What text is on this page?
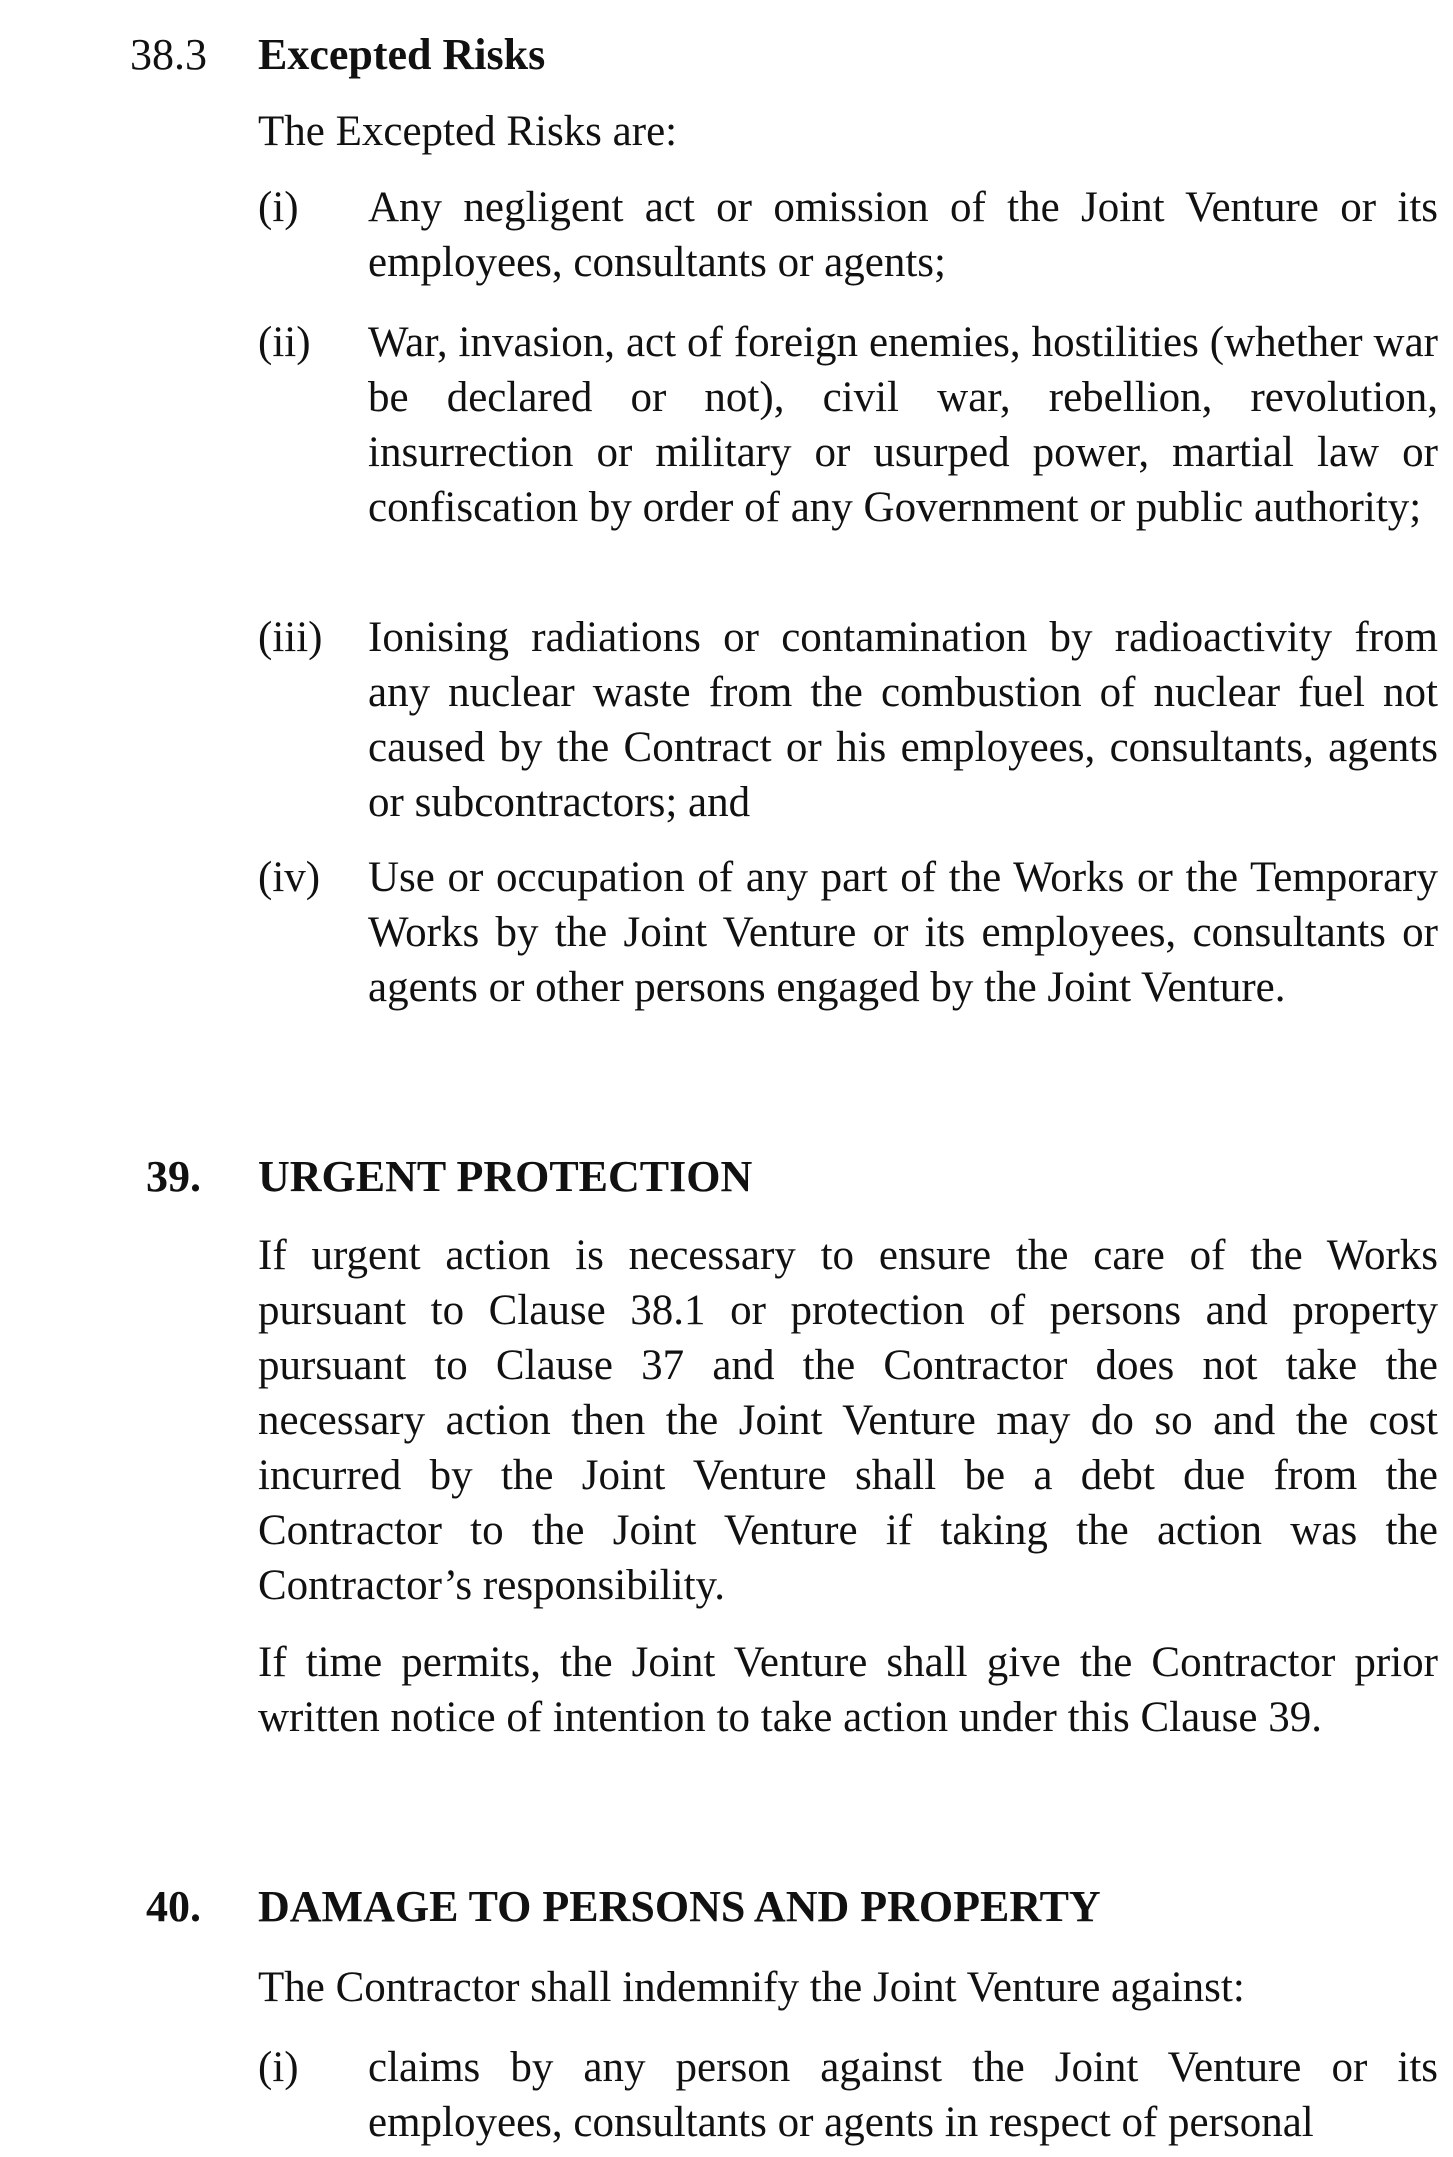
38.3 Excepted Risks

The Excepted Risks are:

(i) Any negligent act or omission of the Joint Venture or its employees, consultants or agents;

(ii) War, invasion, act of foreign enemies, hostilities (whether war be declared or not), civil war, rebellion, revolution, insurrection or military or usurped power, martial law or confiscation by order of any Government or public authority;

(iii) Ionising radiations or contamination by radioactivity from any nuclear waste from the combustion of nuclear fuel not caused by the Contract or his employees, consultants, agents or subcontractors; and

(iv) Use or occupation of any part of the Works or the Temporary Works by the Joint Venture or its employees, consultants or agents or other persons engaged by the Joint Venture.

39. URGENT PROTECTION

If urgent action is necessary to ensure the care of the Works pursuant to Clause 38.1 or protection of persons and property pursuant to Clause 37 and the Contractor does not take the necessary action then the Joint Venture may do so and the cost incurred by the Joint Venture shall be a debt due from the Contractor to the Joint Venture if taking the action was the Contractor’s responsibility.

If time permits, the Joint Venture shall give the Contractor prior written notice of intention to take action under this Clause 39.

40. DAMAGE TO PERSONS AND PROPERTY

The Contractor shall indemnify the Joint Venture against:

(i) claims by any person against the Joint Venture or its employees, consultants or agents in respect of personal
